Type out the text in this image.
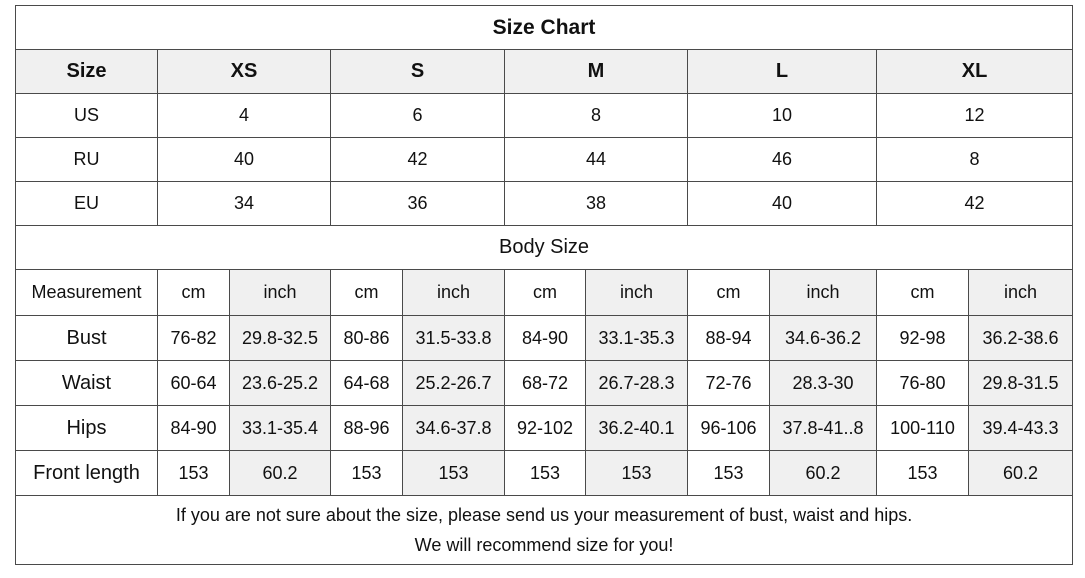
Size Chart										
Size	XS		S		M		L		XL	
US	4		6		8		10		12	
RU	40		42		44		46		8	
EU	34		36		38		40		42	
Body Size										
Measurement	cm	inch	cm	inch	cm	inch	cm	inch	cm	inch
Bust	76-82	29.8-32.5	80-86	31.5-33.8	84-90	33.1-35.3	88-94	34.6-36.2	92-98	36.2-38.6
Waist	60-64	23.6-25.2	64-68	25.2-26.7	68-72	26.7-28.3	72-76	28.3-30	76-80	29.8-31.5
Hips	84-90	33.1-35.4	88-96	34.6-37.8	92-102	36.2-40.1	96-106	37.8-41..8	100-110	39.4-43.3
Front length	153	60.2	153	153	153	153	153	60.2	153	60.2

If you are not sure about the size, please send us your measurement of bust, waist and hips.
We will recommend size for you!										
